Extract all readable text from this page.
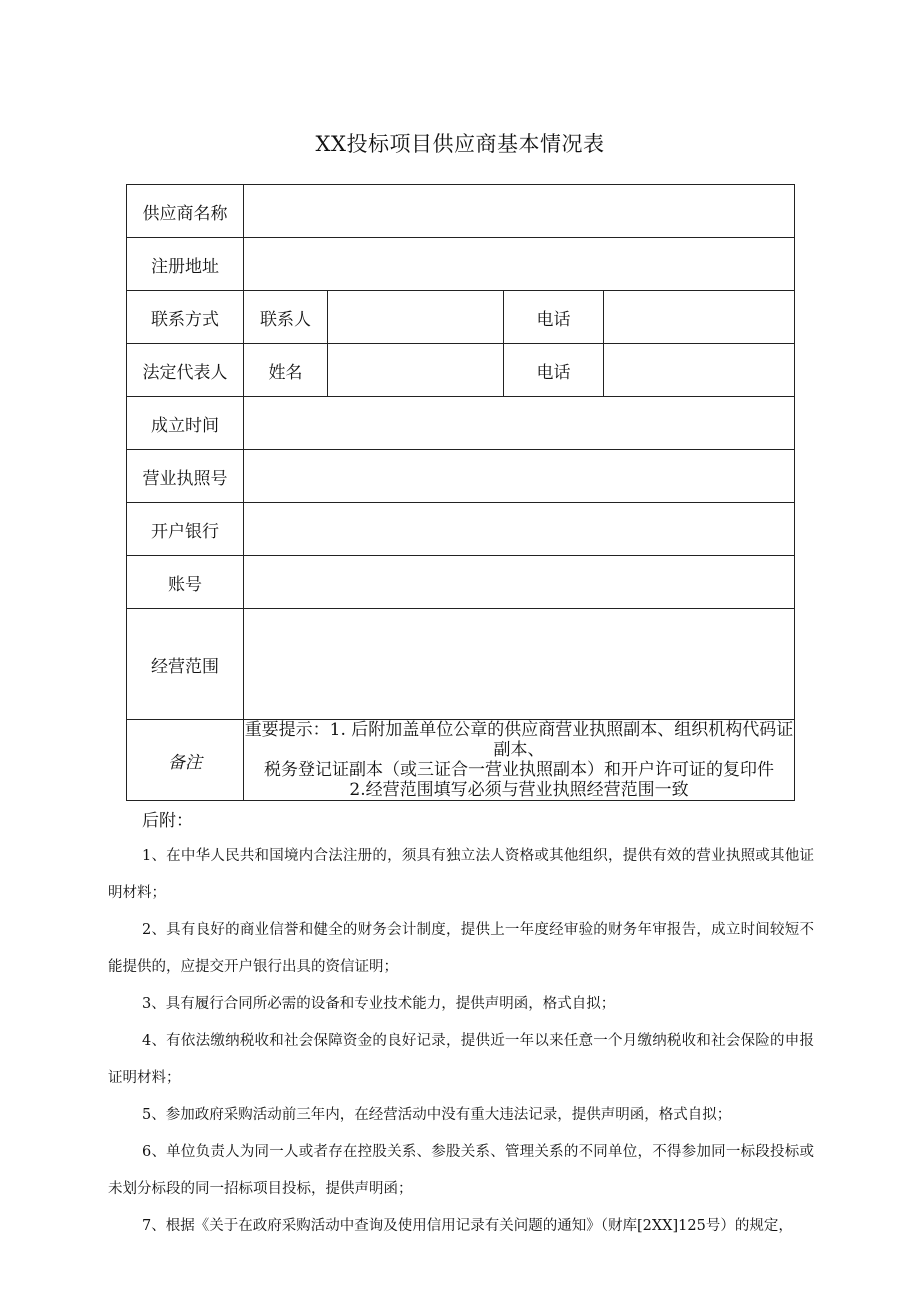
XX投标项目供应商基本情况表
供应商名称				
注册地址				
联系方式	联系人		电话	
法定代表人	姓名		电话	
成立时间				
营业执照号				
开户银行				
账号				
经营范围				
备注	重要提示：1. 后附加盖单位公章的供应商营业执照副本、组织机构代码证副本、
税务登记证副本（或三证合一营业执照副本）和开户许可证的复印件
2.经营范围填写必须与营业执照经营范围一致			
后附：
1、在中华人民共和国境内合法注册的，须具有独立法人资格或其他组织，提供有效的营业执照或其他证明材料；
2、具有良好的商业信誉和健全的财务会计制度，提供上一年度经审验的财务年审报告，成立时间较短不能提供的，应提交开户银行出具的资信证明；
3、具有履行合同所必需的设备和专业技术能力，提供声明函，格式自拟；
4、有依法缴纳税收和社会保障资金的良好记录，提供近一年以来任意一个月缴纳税收和社会保险的申报证明材料；
5、参加政府采购活动前三年内，在经营活动中没有重大违法记录，提供声明函，格式自拟；
6、单位负责人为同一人或者存在控股关系、参股关系、管理关系的不同单位，不得参加同一标段投标或未划分标段的同一招标项目投标，提供声明函；
7、根据《关于在政府采购活动中查询及使用信用记录有关问题的通知》（财库[2XX]125号）的规定，
